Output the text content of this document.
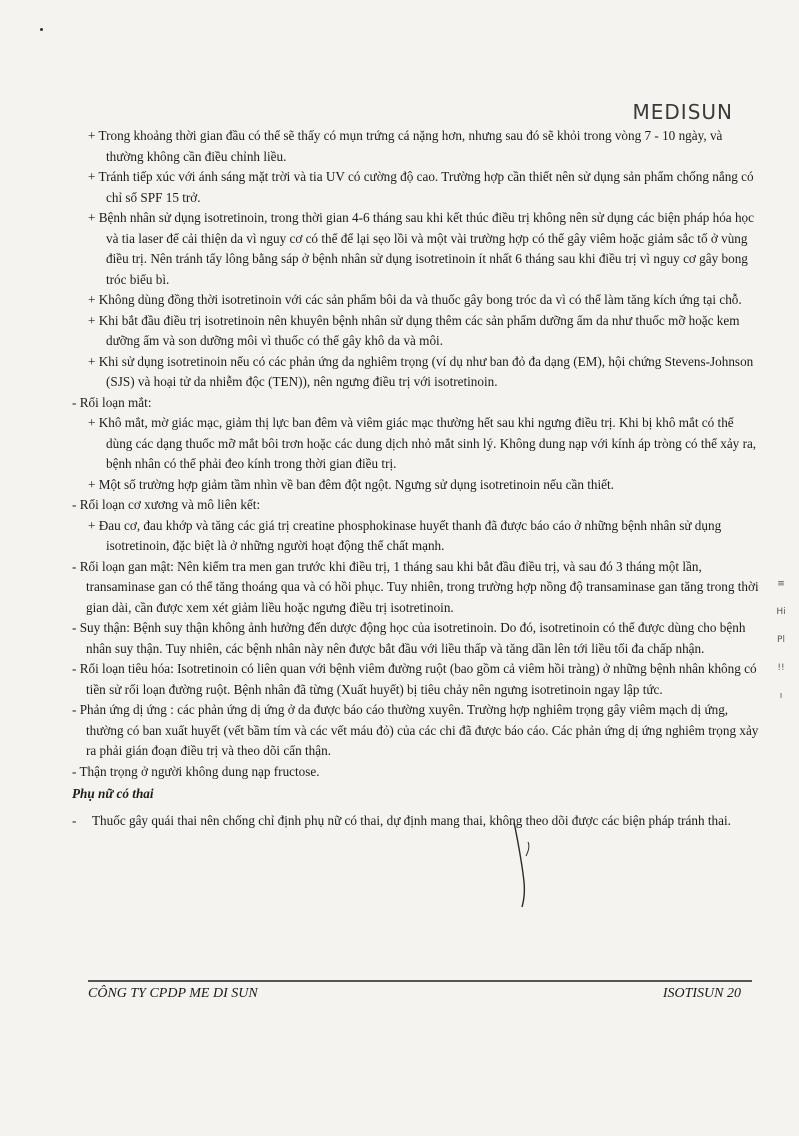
MEDISUN

+ Trong khoảng thời gian đầu có thể sẽ thấy có mụn trứng cá nặng hơn, nhưng sau đó sẽ khỏi trong vòng 7 - 10 ngày, và thường không cần điều chỉnh liều.

+ Tránh tiếp xúc với ánh sáng mặt trời và tia UV có cường độ cao. Trường hợp cần thiết nên sử dụng sản phẩm chống nắng có chỉ số SPF 15 trở.

+ Bệnh nhân sử dụng isotretinoin, trong thời gian 4-6 tháng sau khi kết thúc điều trị không nên sử dụng các biện pháp hóa học và tia laser để cải thiện da vì nguy cơ có thể để lại sẹo lồi và một vài trường hợp có thể gây viêm hoặc giảm sắc tố ở vùng điều trị. Nên tránh tẩy lông bằng sáp ở bệnh nhân sử dụng isotretinoin ít nhất 6 tháng sau khi điều trị vì nguy cơ gây bong tróc biểu bì.

+ Không dùng đồng thời isotretinoin với các sản phẩm bôi da và thuốc gây bong tróc da vì có thể làm tăng kích ứng tại chỗ.

+ Khi bắt đầu điều trị isotretinoin nên khuyên bệnh nhân sử dụng thêm các sản phẩm dưỡng ẩm da như thuốc mỡ hoặc kem dưỡng ẩm và son dưỡng môi vì thuốc có thể gây khô da và môi.

+ Khi sử dụng isotretinoin nếu có các phản ứng da nghiêm trọng (ví dụ như ban đỏ đa dạng (EM), hội chứng Stevens-Johnson (SJS) và hoại tử da nhiễm độc (TEN)), nên ngưng điều trị với isotretinoin.

- Rối loạn mắt:

+ Khô mắt, mờ giác mạc, giảm thị lực ban đêm và viêm giác mạc thường hết sau khi ngưng điều trị. Khi bị khô mắt có thể dùng các dạng thuốc mỡ mắt bôi trơn hoặc các dung dịch nhỏ mắt sinh lý. Không dung nạp với kính áp tròng có thể xảy ra, bệnh nhân có thể phải đeo kính trong thời gian điều trị.

+ Một số trường hợp giảm tầm nhìn về ban đêm đột ngột. Ngưng sử dụng isotretinoin nếu cần thiết.

- Rối loạn cơ xương và mô liên kết:

+ Đau cơ, đau khớp và tăng các giá trị creatine phosphokinase huyết thanh đã được báo cáo ở những bệnh nhân sử dụng isotretinoin, đặc biệt là ở những người hoạt động thể chất mạnh.

- Rối loạn gan mật: Nên kiểm tra men gan trước khi điều trị, 1 tháng sau khi bắt đầu điều trị, và sau đó 3 tháng một lần, transaminase gan có thể tăng thoáng qua và có hồi phục. Tuy nhiên, trong trường hợp nồng độ transaminase gan tăng trong thời gian dài, cần được xem xét giảm liều hoặc ngưng điều trị isotretinoin.

- Suy thận: Bệnh suy thận không ảnh hưởng đến dược động học của isotretinoin. Do đó, isotretinoin có thể được dùng cho bệnh nhân suy thận. Tuy nhiên, các bệnh nhân này nên được bắt đầu với liều thấp và tăng dần lên tới liều tối đa chấp nhận.

- Rối loạn tiêu hóa: Isotretinoin có liên quan với bệnh viêm đường ruột (bao gồm cả viêm hồi tràng) ở những bệnh nhân không có tiền sử rối loạn đường ruột. Bệnh nhân đã từng (Xuất huyết) bị tiêu chảy nên ngưng isotretinoin ngay lập tức.

- Phản ứng dị ứng : các phản ứng dị ứng ở da được báo cáo thường xuyên. Trường hợp nghiêm trọng gây viêm mạch dị ứng, thường có ban xuất huyết (vết bầm tím và các vết máu đỏ) của các chi đã được báo cáo. Các phản ứng dị ứng nghiêm trọng xảy ra phải gián đoạn điều trị và theo dõi cẩn thận.

- Thận trọng ở người không dung nạp fructose.

Phụ nữ có thai

-	Thuốc gây quái thai nên chống chỉ định phụ nữ có thai, dự định mang thai, không theo dõi được các biện pháp tránh thai.
CÔNG TY CPDP ME DI SUN	ISOTISUN 20
≡
Hi
Pl
!!
ı
